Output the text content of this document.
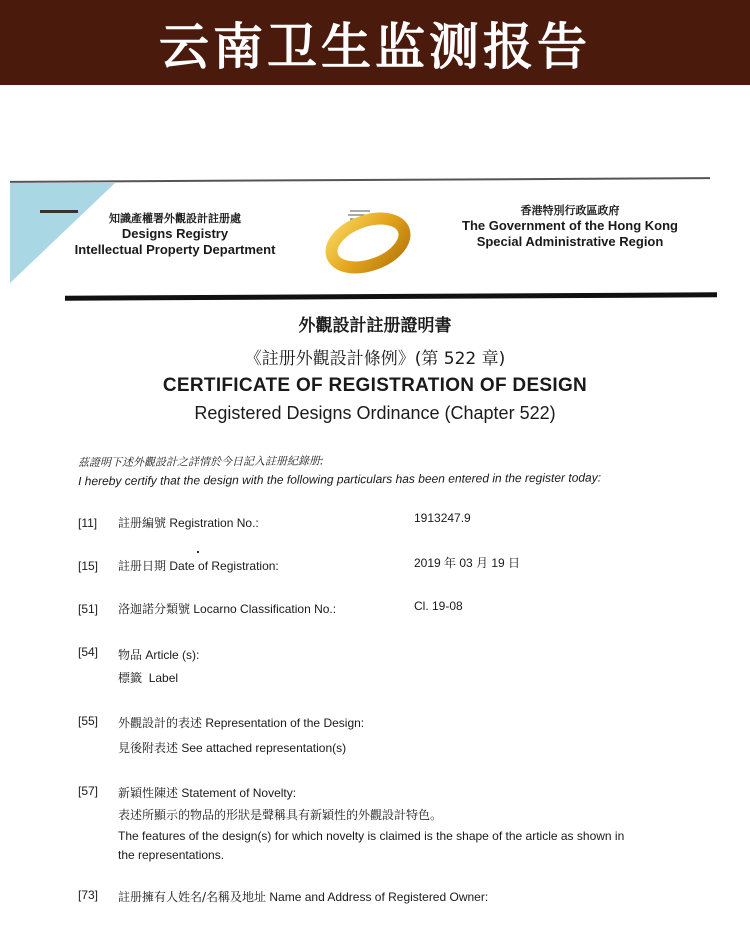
云南卫生监测报告
知識產權署外觀設計註册處
Designs Registry
Intellectual Property Department
香港特別行政區政府
The Government of the Hong Kong
Special Administrative Region
外觀設計註册證明書
《註册外觀設計條例》(第 522 章)
CERTIFICATE OF REGISTRATION OF DESIGN
Registered Designs Ordinance (Chapter 522)
茲證明下述外觀設計之詳情於今日記入註册紀錄册:
I hereby certify that the design with the following particulars has been entered in the register today:
[11]	註册編號 Registration No.:	1913247.9
[15]	註册日期 Date of Registration:	2019 年 03 月 19 日
[51]	洛迦諾分類號 Locarno Classification No.:	Cl. 19-08
[54]	物品 Article (s):
標籤 Label
[55]	外觀設計的表述 Representation of the Design:
見後附表述 See attached representation(s)
[57]	新穎性陳述 Statement of Novelty:
表述所顯示的物品的形狀是聲稱具有新穎性的外觀設計特色。
The features of the design(s) for which novelty is claimed is the shape of the article as shown in
the representations.
[73]	註册擁有人姓名/名稱及地址 Name and Address of Registered Owner:
